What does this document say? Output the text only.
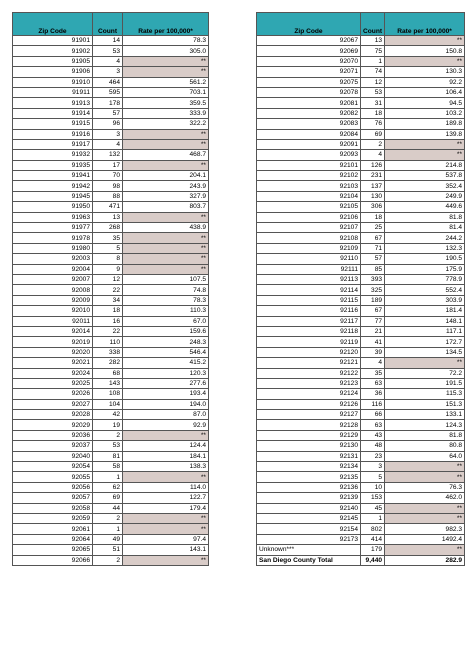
Zip Code	Count	Rate per 100,000*
91901	14	78.3
91902	53	305.0
91905	4	**
91906	3	**
91910	464	561.2
91911	595	703.1
91913	178	359.5
91914	57	333.9
91915	96	322.2
91916	3	**
91917	4	**
91932	132	468.7
91935	17	**
91941	70	204.1
91942	98	243.9
91945	88	327.9
91950	471	803.7
91963	13	**
91977	268	438.9
91978	35	**
91980	5	**
92003	8	**
92004	9	**
92007	12	107.5
92008	22	74.8
92009	34	78.3
92010	18	110.3
92011	16	67.0
92014	22	159.6
92019	110	248.3
92020	338	546.4
92021	282	415.2
92024	68	120.3
92025	143	277.6
92026	108	193.4
92027	104	194.0
92028	42	87.0
92029	19	92.9
92036	2	**
92037	53	124.4
92040	81	184.1
92054	58	138.3
92055	1	**
92056	62	114.0
92057	69	122.7
92058	44	179.4
92059	2	**
92061	1	**
92064	49	97.4
92065	51	143.1
92066	2	**
Zip Code	Count	Rate per 100,000*
92067	13	**
92069	75	150.8
92070	1	**
92071	74	130.3
92075	12	92.2
92078	53	106.4
92081	31	94.5
92082	18	103.2
92083	76	189.8
92084	69	139.8
92091	2	**
92093	4	**
92101	126	214.8
92102	231	537.8
92103	137	352.4
92104	130	249.9
92105	306	449.6
92106	18	81.8
92107	25	81.4
92108	67	244.2
92109	71	132.3
92110	57	190.5
92111	85	175.9
92113	393	778.9
92114	325	552.4
92115	189	303.9
92116	67	181.4
92117	77	148.1
92118	21	117.1
92119	41	172.7
92120	39	134.5
92121	4	**
92122	35	72.2
92123	63	191.5
92124	36	115.3
92126	116	151.3
92127	66	133.1
92128	63	124.3
92129	43	81.8
92130	48	80.8
92131	23	64.0
92134	3	**
92135	5	**
92136	10	76.3
92139	153	462.0
92140	45	**
92145	1	**
92154	802	982.3
92173	414	1492.4
Unknown***	179	**
San Diego County Total	9,440	282.9
